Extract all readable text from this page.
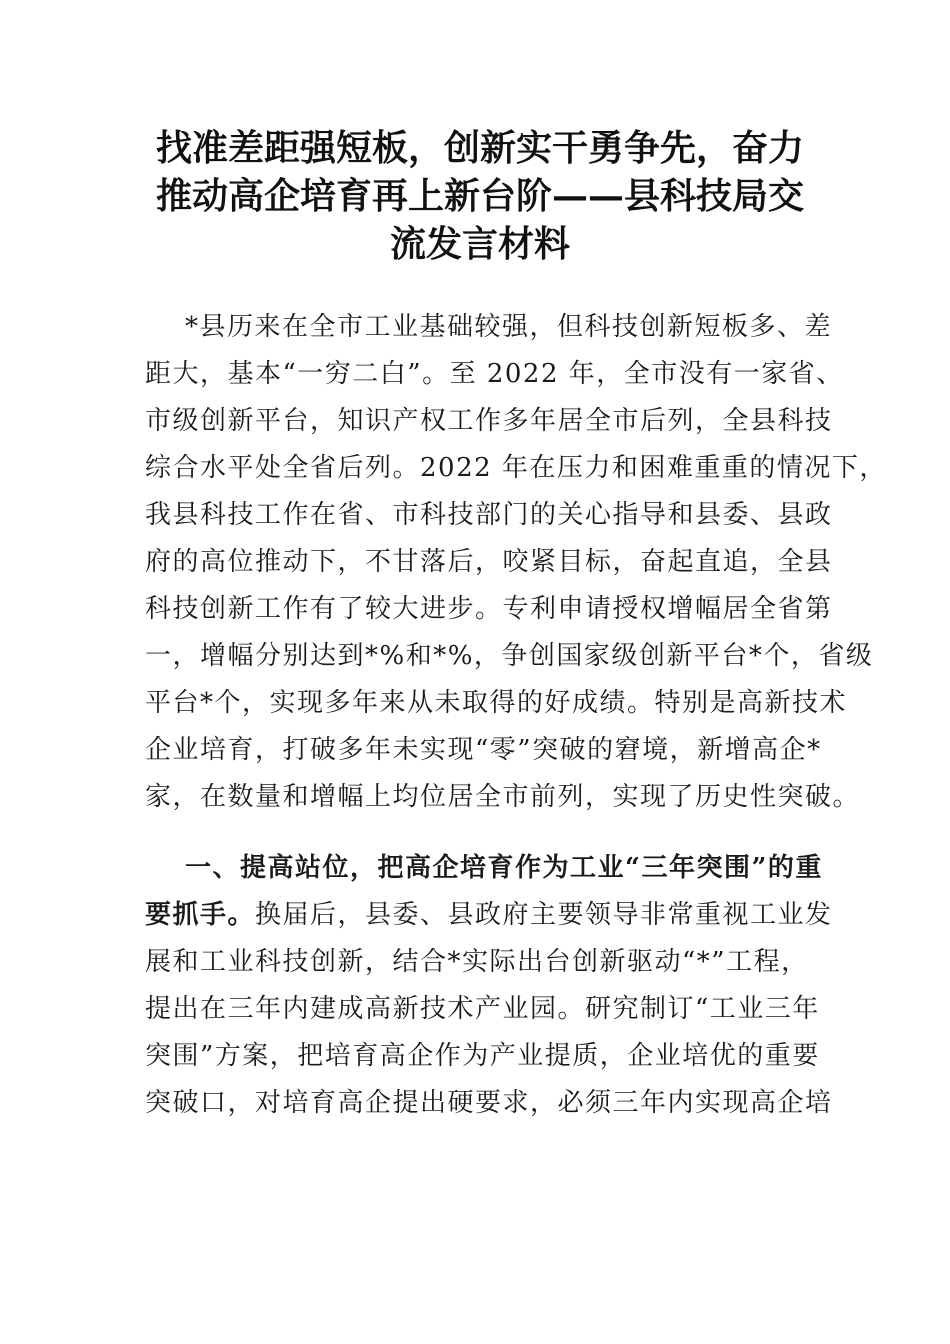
找准差距强短板，创新实干勇争先，奋力
推动高企培育再上新台阶——县科技局交
流发言材料
*县历来在全市工业基础较强，但科技创新短板多、差
距大，基本“一穷二白”。至 2022 年，全市没有一家省、
市级创新平台，知识产权工作多年居全市后列，全县科技
综合水平处全省后列。2022 年在压力和困难重重的情况下，
我县科技工作在省、市科技部门的关心指导和县委、县政
府的高位推动下，不甘落后，咬紧目标，奋起直追，全县
科技创新工作有了较大进步。专利申请授权增幅居全省第
一，增幅分别达到*%和*%，争创国家级创新平台*个，省级
平台*个，实现多年来从未取得的好成绩。特别是高新技术
企业培育，打破多年未实现“零”突破的窘境，新增高企*
家，在数量和增幅上均位居全市前列，实现了历史性突破。
一、提高站位，把高企培育作为工业“三年突围”的重
要抓手。换届后，县委、县政府主要领导非常重视工业发
展和工业科技创新，结合*实际出台创新驱动“*”工程，
提出在三年内建成高新技术产业园。研究制订“工业三年
突围”方案，把培育高企作为产业提质，企业培优的重要
突破口，对培育高企提出硬要求，必须三年内实现高企培
